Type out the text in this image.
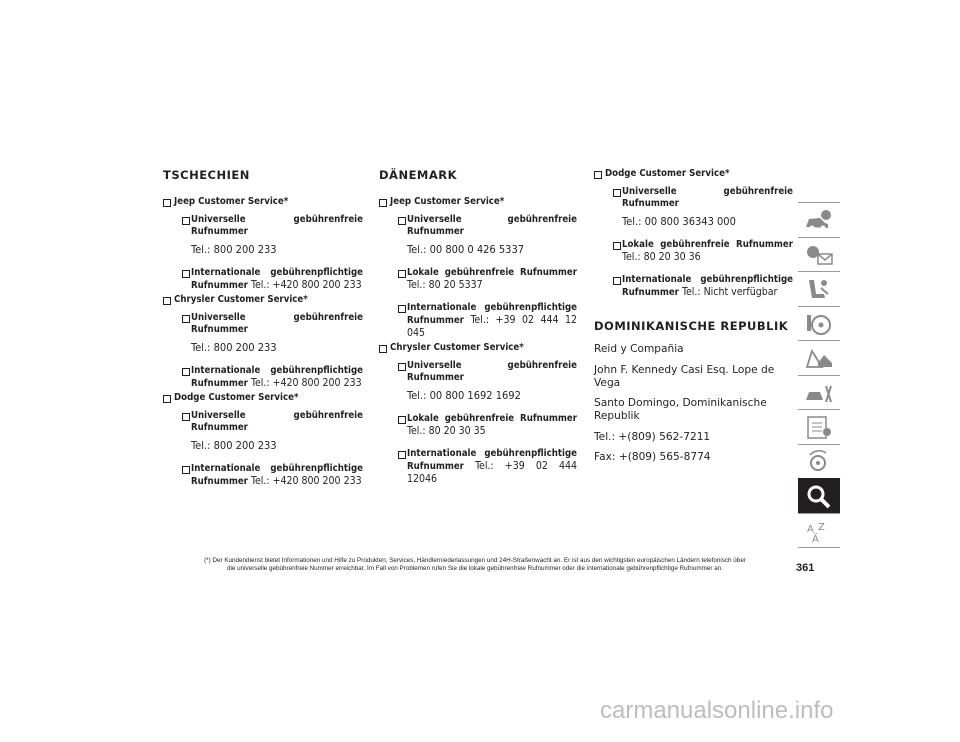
TSCHECHIEN

Jeep Customer Service*

Universelle gebührenfreie Rufnummer
Tel.: 800 200 233
Internationale gebührenpflichtige Rufnummer Tel.: +420 800 200 233

Chrysler Customer Service*

Universelle gebührenfreie Rufnummer
Tel.: 800 200 233
Internationale gebührenpflichtige Rufnummer Tel.: +420 800 200 233

Dodge Customer Service*

Universelle gebührenfreie Rufnummer
Tel.: 800 200 233
Internationale gebührenpflichtige Rufnummer Tel.: +420 800 200 233
DÄNEMARK

Jeep Customer Service*

Universelle gebührenfreie Rufnummer
Tel.: 00 800 0 426 5337
Lokale gebührenfreie Rufnummer Tel.: 80 20 5337
Internationale gebührenpflichtige Rufnummer Tel.: +39 02 444 12 045

Chrysler Customer Service*

Universelle gebührenfreie Rufnummer
Tel.: 00 800 1692 1692
Lokale gebührenfreie Rufnummer Tel.: 80 20 30 35
Internationale gebührenpflichtige Rufnummer Tel.: +39 02 444 12046

Dodge Customer Service*

Universelle gebührenfreie Rufnummer
Tel.: 00 800 36343 000
Lokale gebührenfreie Rufnummer Tel.: 80 20 30 36
Internationale gebührenpflichtige Rufnummer Tel.: Nicht verfügbar
DOMINIKANISCHE REPUBLIK

Reid y Compañia

John F. Kennedy Casi Esq. Lope de Vega

Santo Domingo, Dominikanische Republik

Tel.: +(809) 562-7211

Fax: +(809) 565-8774

A Z
Ä
(*) Der Kundendienst bietet Informationen und Hilfe zu Produkten, Services, Händlerniederlassungen und 24H-Straßenwacht an. Er ist aus den wichtigsten europäischen Ländern telefonisch über
die universelle gebührenfreie Nummer erreichbar. Im Fall von Problemen rufen Sie die lokale gebührenfreie Rufnummer oder die internationale gebührenpflichtige Rufnummer an.	361
carmanualsonline.info
